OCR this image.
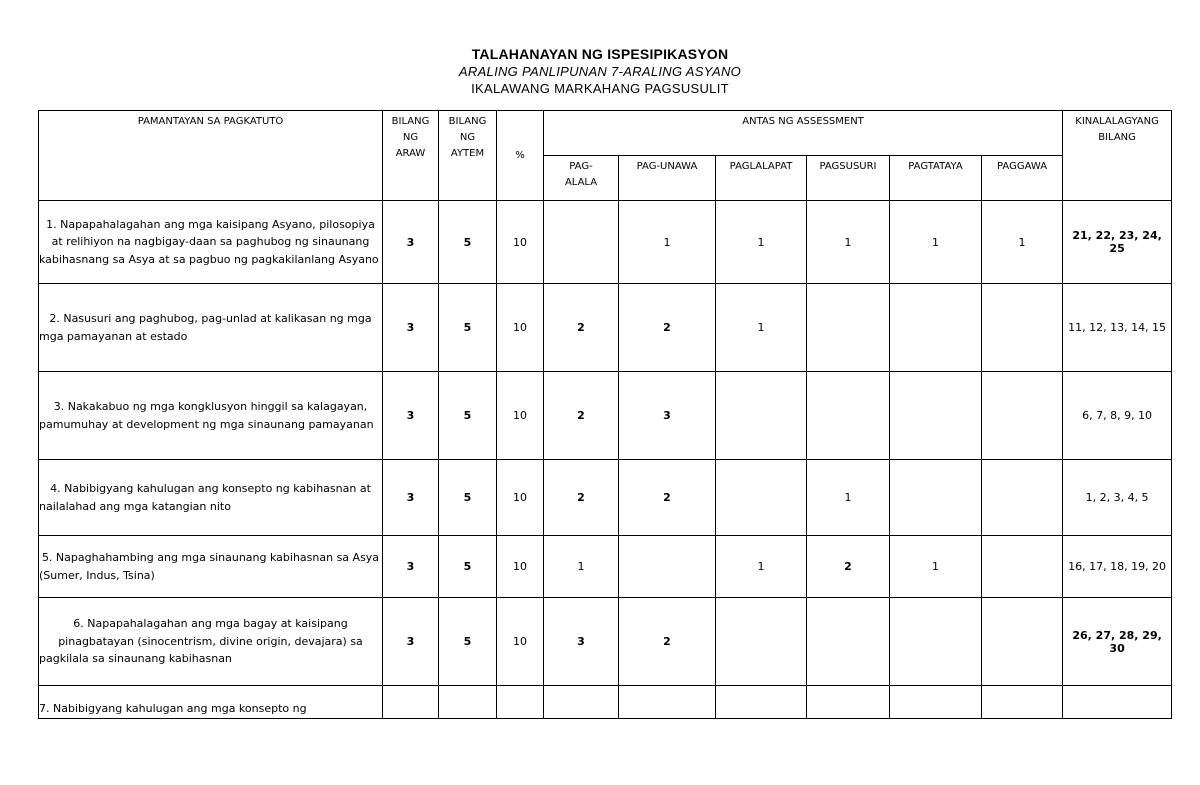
TALAHANAYAN NG ISPESIPIKASYON
ARALING PANLIPUNAN 7-ARALING ASYANO
IKALAWANG MARKAHANG PAGSUSULIT
PAMANTAYAN SA PAGKATUTO	BILANG NG ARAW	BILANG NG AYTEM	%	ANTAS NG ASSESSMENT						KINALALAGYANG BILANG
				PAG-ALALA	PAG-UNAWA	PAGLALAPAT	PAGSUSURI	PAGTATAYA	PAGGAWA	
1. Napapahalagahan ang mga kaisipang Asyano, pilosopiya at relihiyon na nagbigay-daan sa paghubog ng sinaunang kabihasnang sa Asya at sa pagbuo ng pagkakilanlang Asyano	3	5	10		1	1	1	1	1	21, 22, 23, 24, 25
2. Nasusuri ang paghubog, pag-unlad at kalikasan ng mga mga pamayanan at estado	3	5	10	2	2	1				11, 12, 13, 14, 15
3. Nakakabuo ng mga kongklusyon hinggil sa kalagayan, pamumuhay at development ng mga sinaunang pamayanan	3	5	10	2	3					6, 7, 8, 9, 10
4. Nabibigyang kahulugan ang konsepto ng kabihasnan at nailalahad ang mga katangian nito	3	5	10	2	2		1			1, 2, 3, 4, 5
5. Napaghahambing ang mga sinaunang kabihasnan sa Asya (Sumer, Indus, Tsina)	3	5	10	1		1	2	1		16, 17, 18, 19, 20
6. Napapahalagahan ang mga bagay at kaisipang pinagbatayan (sinocentrism, divine origin, devajara) sa pagkilala sa sinaunang kabihasnan	3	5	10	3	2					26, 27, 28, 29, 30
7. Nabibigyang kahulugan ang mga konsepto ng										
